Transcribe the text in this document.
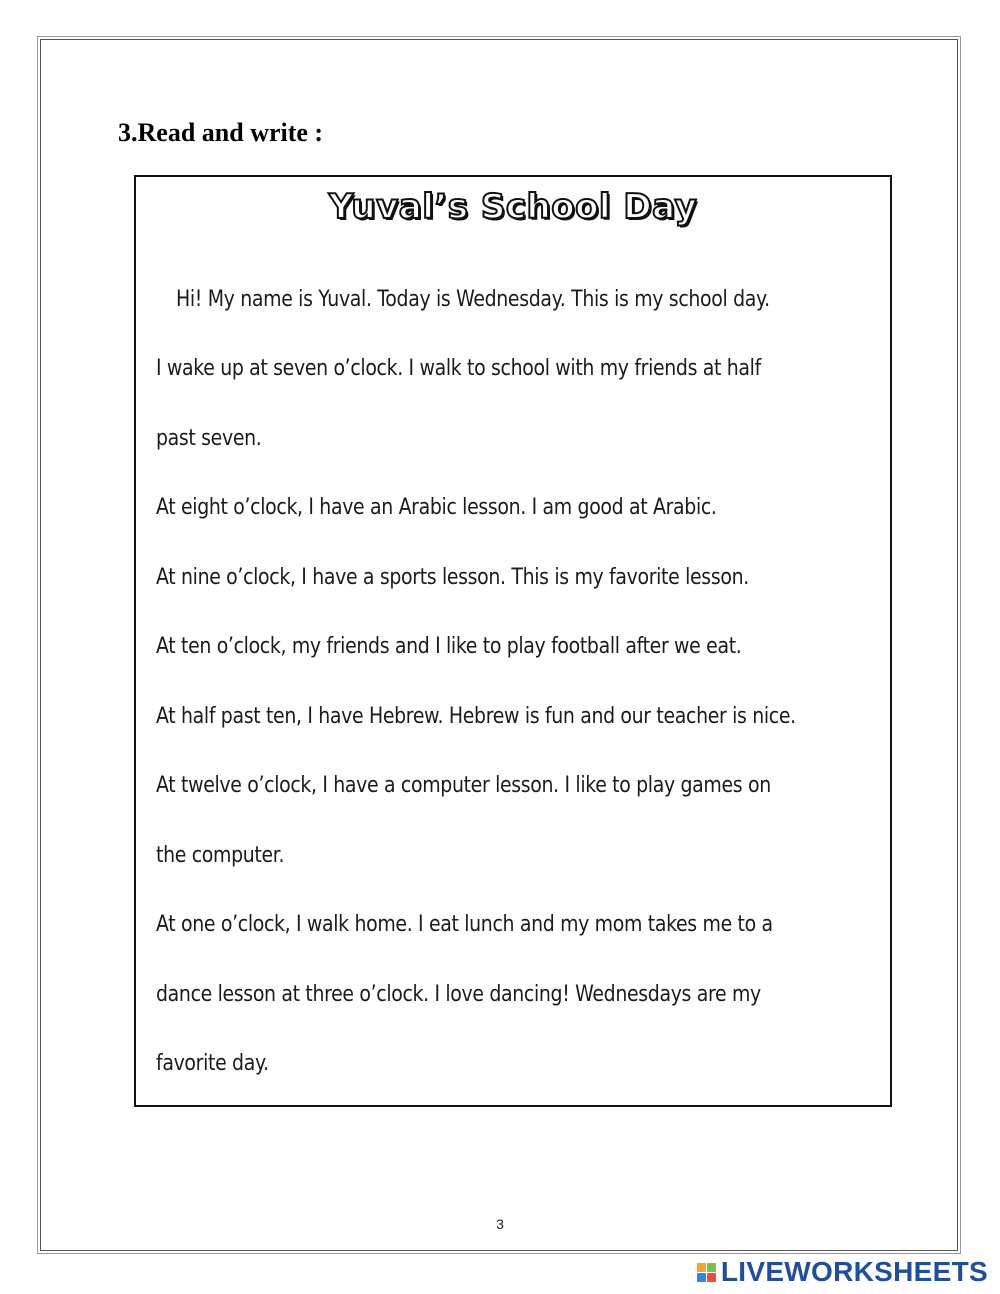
3.Read and write :
Yuval’s School Day
Hi! My name is Yuval. Today is Wednesday. This is my school day.
I wake up at seven o’clock. I walk to school with my friends at half
past seven.
At eight o’clock, I have an Arabic lesson. I am good at Arabic.
At nine o’clock, I have a sports lesson. This is my favorite lesson.
At ten o’clock, my friends and I like to play football after we eat.
At half past ten, I have Hebrew. Hebrew is fun and our teacher is nice.
At twelve o’clock, I have a computer lesson. I like to play games on
the computer.
At one o’clock, I walk home. I eat lunch and my mom takes me to a
dance lesson at three o’clock. I love dancing! Wednesdays are my
favorite day.
3
LIVEWORKSHEETS
